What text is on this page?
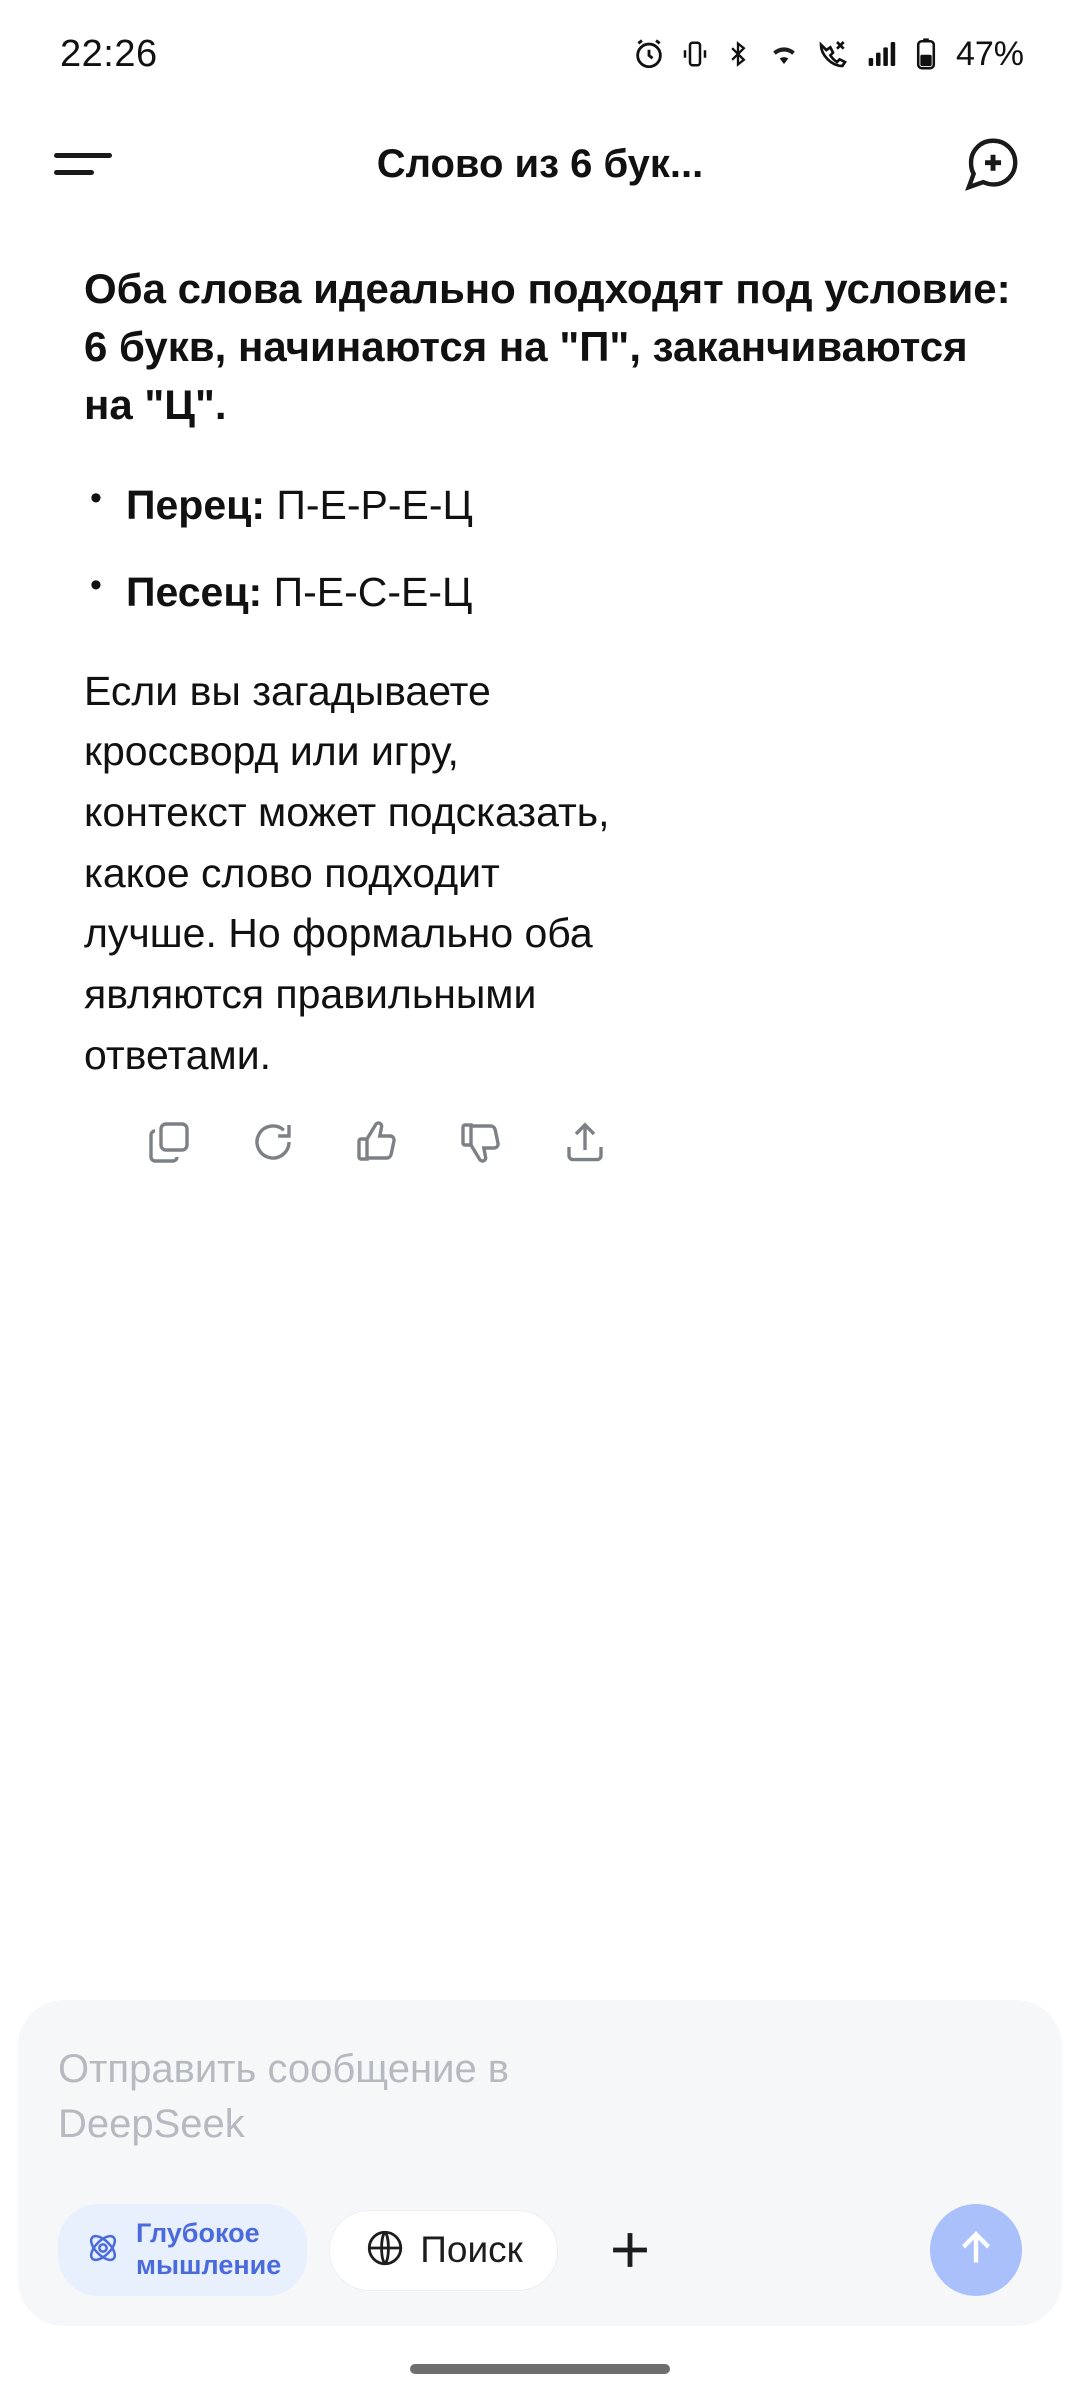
22:26	47%
Слово из 6 бук...
Оба слова идеально подходят под условие: 6 букв, начинаются на "П", заканчиваются на "Ц".
• Перец: П-Е-Р-Е-Ц
• Песец: П-Е-С-Е-Ц

Если вы загадываете кроссворд или игру, контекст может подсказать, какое слово подходит лучше. Но формально оба являются правильными ответами.

Отправить сообщение в DeepSeek
Глубокое
мышление	Поиск
